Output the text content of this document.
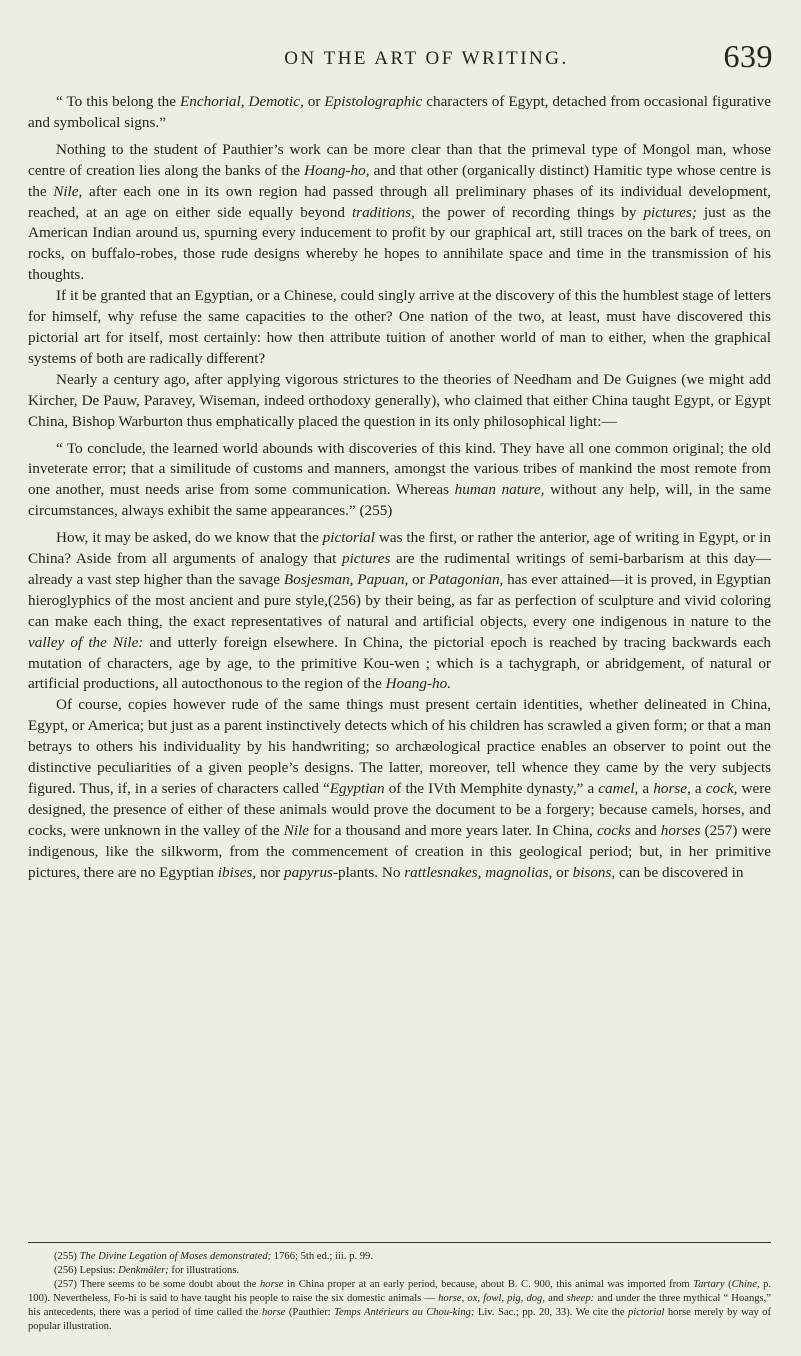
ON THE ART OF WRITING.	639

“ To this belong the Enchorial, Demotic, or Epistolographic characters of Egypt, detached from occasional figurative and symbolical signs.”

Nothing to the student of Pauthier’s work can be more clear than that the primeval type of Mongol man, whose centre of creation lies along the banks of the Hoang-ho, and that other (organically distinct) Hamitic type whose centre is the Nile, after each one in its own region had passed through all preliminary phases of its individual development, reached, at an age on either side equally beyond traditions, the power of recording things by pictures; just as the American Indian around us, spurning every inducement to profit by our graphical art, still traces on the bark of trees, on rocks, on buffalo-robes, those rude designs whereby he hopes to annihilate space and time in the transmission of his thoughts.

If it be granted that an Egyptian, or a Chinese, could singly arrive at the discovery of this the humblest stage of letters for himself, why refuse the same capacities to the other? One nation of the two, at least, must have discovered this pictorial art for itself, most certainly: how then attribute tuition of another world of man to either, when the graphical systems of both are radically different?

Nearly a century ago, after applying vigorous strictures to the theories of Needham and De Guignes (we might add Kircher, De Pauw, Paravey, Wiseman, indeed orthodoxy generally), who claimed that either China taught Egypt, or Egypt China, Bishop Warburton thus emphatically placed the question in its only philosophical light:—

“ To conclude, the learned world abounds with discoveries of this kind. They have all one common original; the old inveterate error; that a similitude of customs and manners, amongst the various tribes of mankind the most remote from one another, must needs arise from some communication. Whereas human nature, without any help, will, in the same circumstances, always exhibit the same appearances.” (255)

How, it may be asked, do we know that the pictorial was the first, or rather the anterior, age of writing in Egypt, or in China? Aside from all arguments of analogy that pictures are the rudimental writings of semi-barbarism at this day—already a vast step higher than the savage Bosjesman, Papuan, or Patagonian, has ever attained—it is proved, in Egyptian hieroglyphics of the most ancient and pure style,(256) by their being, as far as perfection of sculpture and vivid coloring can make each thing, the exact representatives of natural and artificial objects, every one indigenous in nature to the valley of the Nile: and utterly foreign elsewhere. In China, the pictorial epoch is reached by tracing backwards each mutation of characters, age by age, to the primitive Kou-wen ; which is a tachygraph, or abridgement, of natural or artificial productions, all autocthonous to the region of the Hoang-ho.

Of course, copies however rude of the same things must present certain identities, whether delineated in China, Egypt, or America; but just as a parent instinctively detects which of his children has scrawled a given form; or that a man betrays to others his individuality by his handwriting; so archæological practice enables an observer to point out the distinctive peculiarities of a given people’s designs. The latter, moreover, tell whence they came by the very subjects figured. Thus, if, in a series of characters called “Egyptian of the IVth Memphite dynasty,” a camel, a horse, a cock, were designed, the presence of either of these animals would prove the document to be a forgery; because camels, horses, and cocks, were unknown in the valley of the Nile for a thousand and more years later. In China, cocks and horses (257) were indigenous, like the silkworm, from the commencement of creation in this geological period; but, in her primitive pictures, there are no Egyptian ibises, nor papyrus-plants. No rattlesnakes, magnolias, or bisons, can be discovered in

(255) The Divine Legation of Moses demonstrated; 1766; 5th ed.; iii. p. 99.

(256) Lepsius: Denkmäler; for illustrations.

(257) There seems to be some doubt about the horse in China proper at an early period, because, about B. C. 900, this animal was imported from Tartary (Chine, p. 100). Nevertheless, Fo-hi is said to have taught his people to raise the six domestic animals — horse, ox, fowl, pig, dog, and sheep: and under the three mythical “ Hoangs,” his antecedents, there was a period of time called the horse (Pauthier: Temps Antérieurs au Chou-king; Liv. Sac.; pp. 20, 33). We cite the pictorial horse merely by way of popular illustration.
